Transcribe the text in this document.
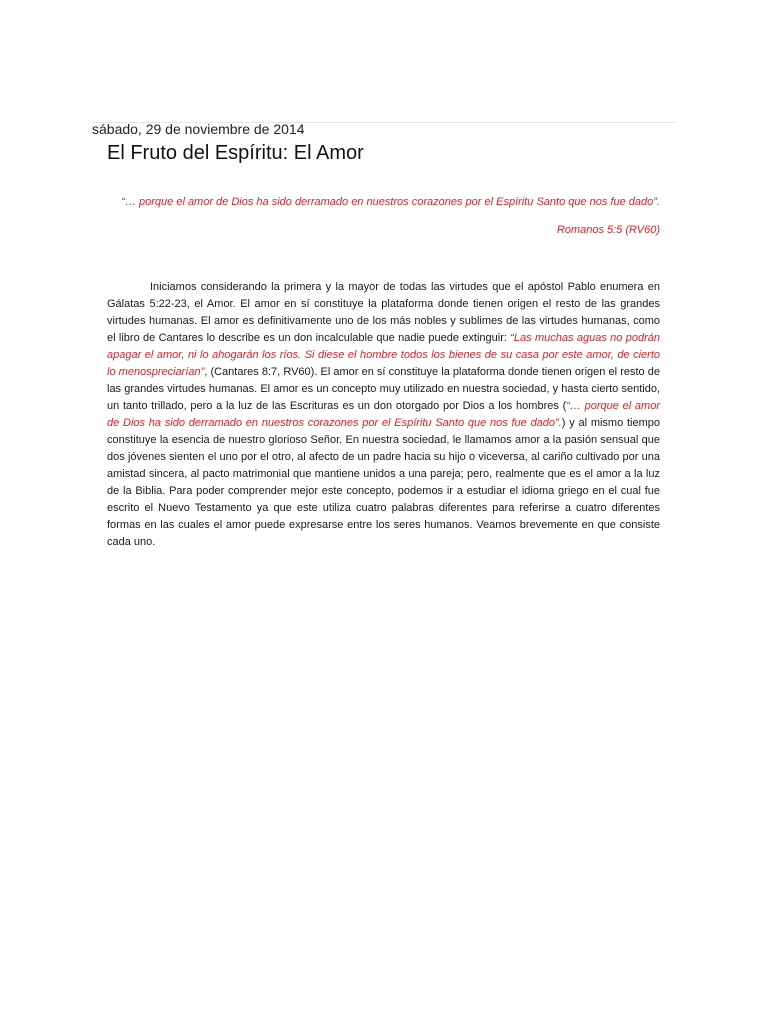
sábado, 29 de noviembre de 2014
El Fruto del Espíritu: El Amor
“… porque el amor de Dios ha sido derramado en nuestros corazones por el Espíritu Santo que nos fue dado”.
Romanos 5:5 (RV60)

Iniciamos considerando la primera y la mayor de todas las virtudes que el apóstol Pablo enumera en Gálatas 5:22-23, el Amor. El amor en sí constituye la plataforma donde tienen origen el resto de las grandes virtudes humanas. El amor es definitivamente uno de los más nobles y sublimes de las virtudes humanas, como el libro de Cantares lo describe es un don incalculable que nadie puede extinguir: “Las muchas aguas no podrán apagar el amor, ni lo ahogarán los ríos. Si diese el hombre todos los bienes de su casa por este amor, de cierto lo menospreciarían”, (Cantares 8:7, RV60). El amor en sí constituye la plataforma donde tienen origen el resto de las grandes virtudes humanas. El amor es un concepto muy utilizado en nuestra sociedad, y hasta cierto sentido, un tanto trillado, pero a la luz de las Escrituras es un don otorgado por Dios a los hombres (“… porque el amor de Dios ha sido derramado en nuestros corazones por el Espíritu Santo que nos fue dado”.) y al mismo tiempo constituye la esencia de nuestro glorioso Señor. En nuestra sociedad, le llamamos amor a la pasión sensual que dos jóvenes sienten el uno por el otro, al afecto de un padre hacia su hijo o viceversa, al cariño cultivado por una amistad sincera, al pacto matrimonial que mantiene unidos a una pareja; pero, realmente que es el amor a la luz de la Biblia. Para poder comprender mejor este concepto, podemos ir a estudiar el idioma griego en el cual fue escrito el Nuevo Testamento ya que este utiliza cuatro palabras diferentes para referirse a cuatro diferentes formas en las cuales el amor puede expresarse entre los seres humanos. Veamos brevemente en que consiste cada uno.
